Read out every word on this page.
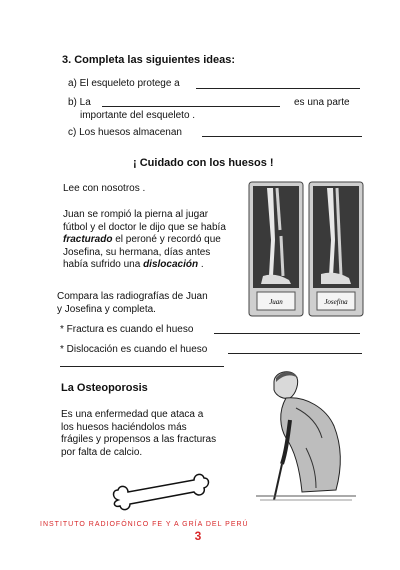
3. Completa las siguientes ideas:
a) El esqueleto protege a
b) La	es una parte
importante del esqueleto .
c) Los huesos almacenan
¡ Cuidado con los huesos !
Lee con nosotros .
Juan se rompió la pierna al jugar
fútbol y el doctor le dijo que se había
fracturado el peroné y recordó que
Josefina, su hermana, días antes
había sufrido una dislocación .
Juan	Josefina
Compara las radiografías de Juan
y Josefina y completa.
* Fractura es cuando el hueso
* Dislocación es cuando el hueso
La Osteoporosis
Es una enfermedad que ataca a
los huesos haciéndolos más
frágiles y propensos a las fracturas
por falta de calcio.
INSTITUTO RADIOFÓNICO FE Y A GRÍA DEL PERÚ
3
